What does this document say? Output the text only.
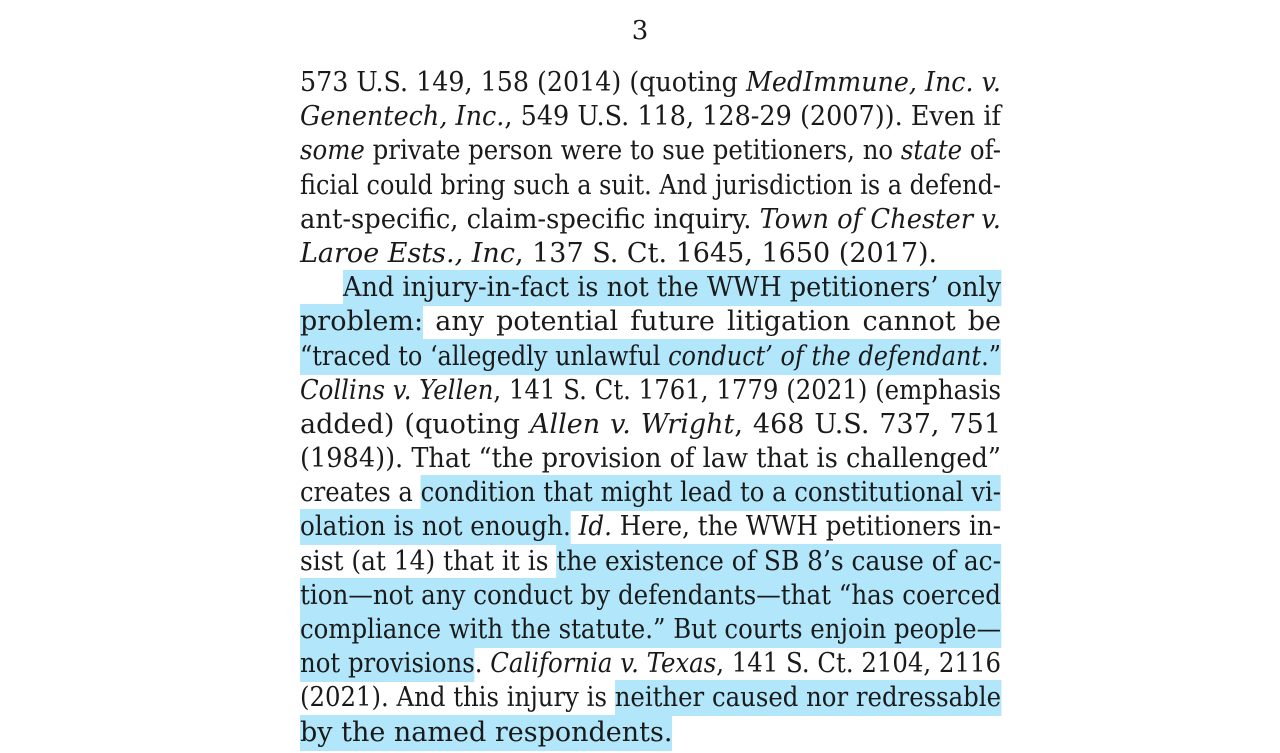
3
573 U.S. 149, 158 (2014) (quoting MedImmune, Inc. v.
Genentech, Inc., 549 U.S. 118, 128-29 (2007)). Even if
some private person were to sue petitioners, no state of-
ficial could bring such a suit. And jurisdiction is a defend-
ant-specific, claim-specific inquiry. Town of Chester v.
Laroe Ests., Inc, 137 S. Ct. 1645, 1650 (2017).
And injury-in-fact is not the WWH petitioners’ only
problem: any potential future litigation cannot be
“traced to ‘allegedly unlawful conduct’ of the defendant.”
Collins v. Yellen, 141 S. Ct. 1761, 1779 (2021) (emphasis
added) (quoting Allen v. Wright, 468 U.S. 737, 751
(1984)). That “the provision of law that is challenged”
creates a condition that might lead to a constitutional vi-
olation is not enough. Id. Here, the WWH petitioners in-
sist (at 14) that it is the existence of SB 8’s cause of ac-
tion—not any conduct by defendants—that “has coerced
compliance with the statute.” But courts enjoin people—
not provisions. California v. Texas, 141 S. Ct. 2104, 2116
(2021). And this injury is neither caused nor redressable
by the named respondents.
